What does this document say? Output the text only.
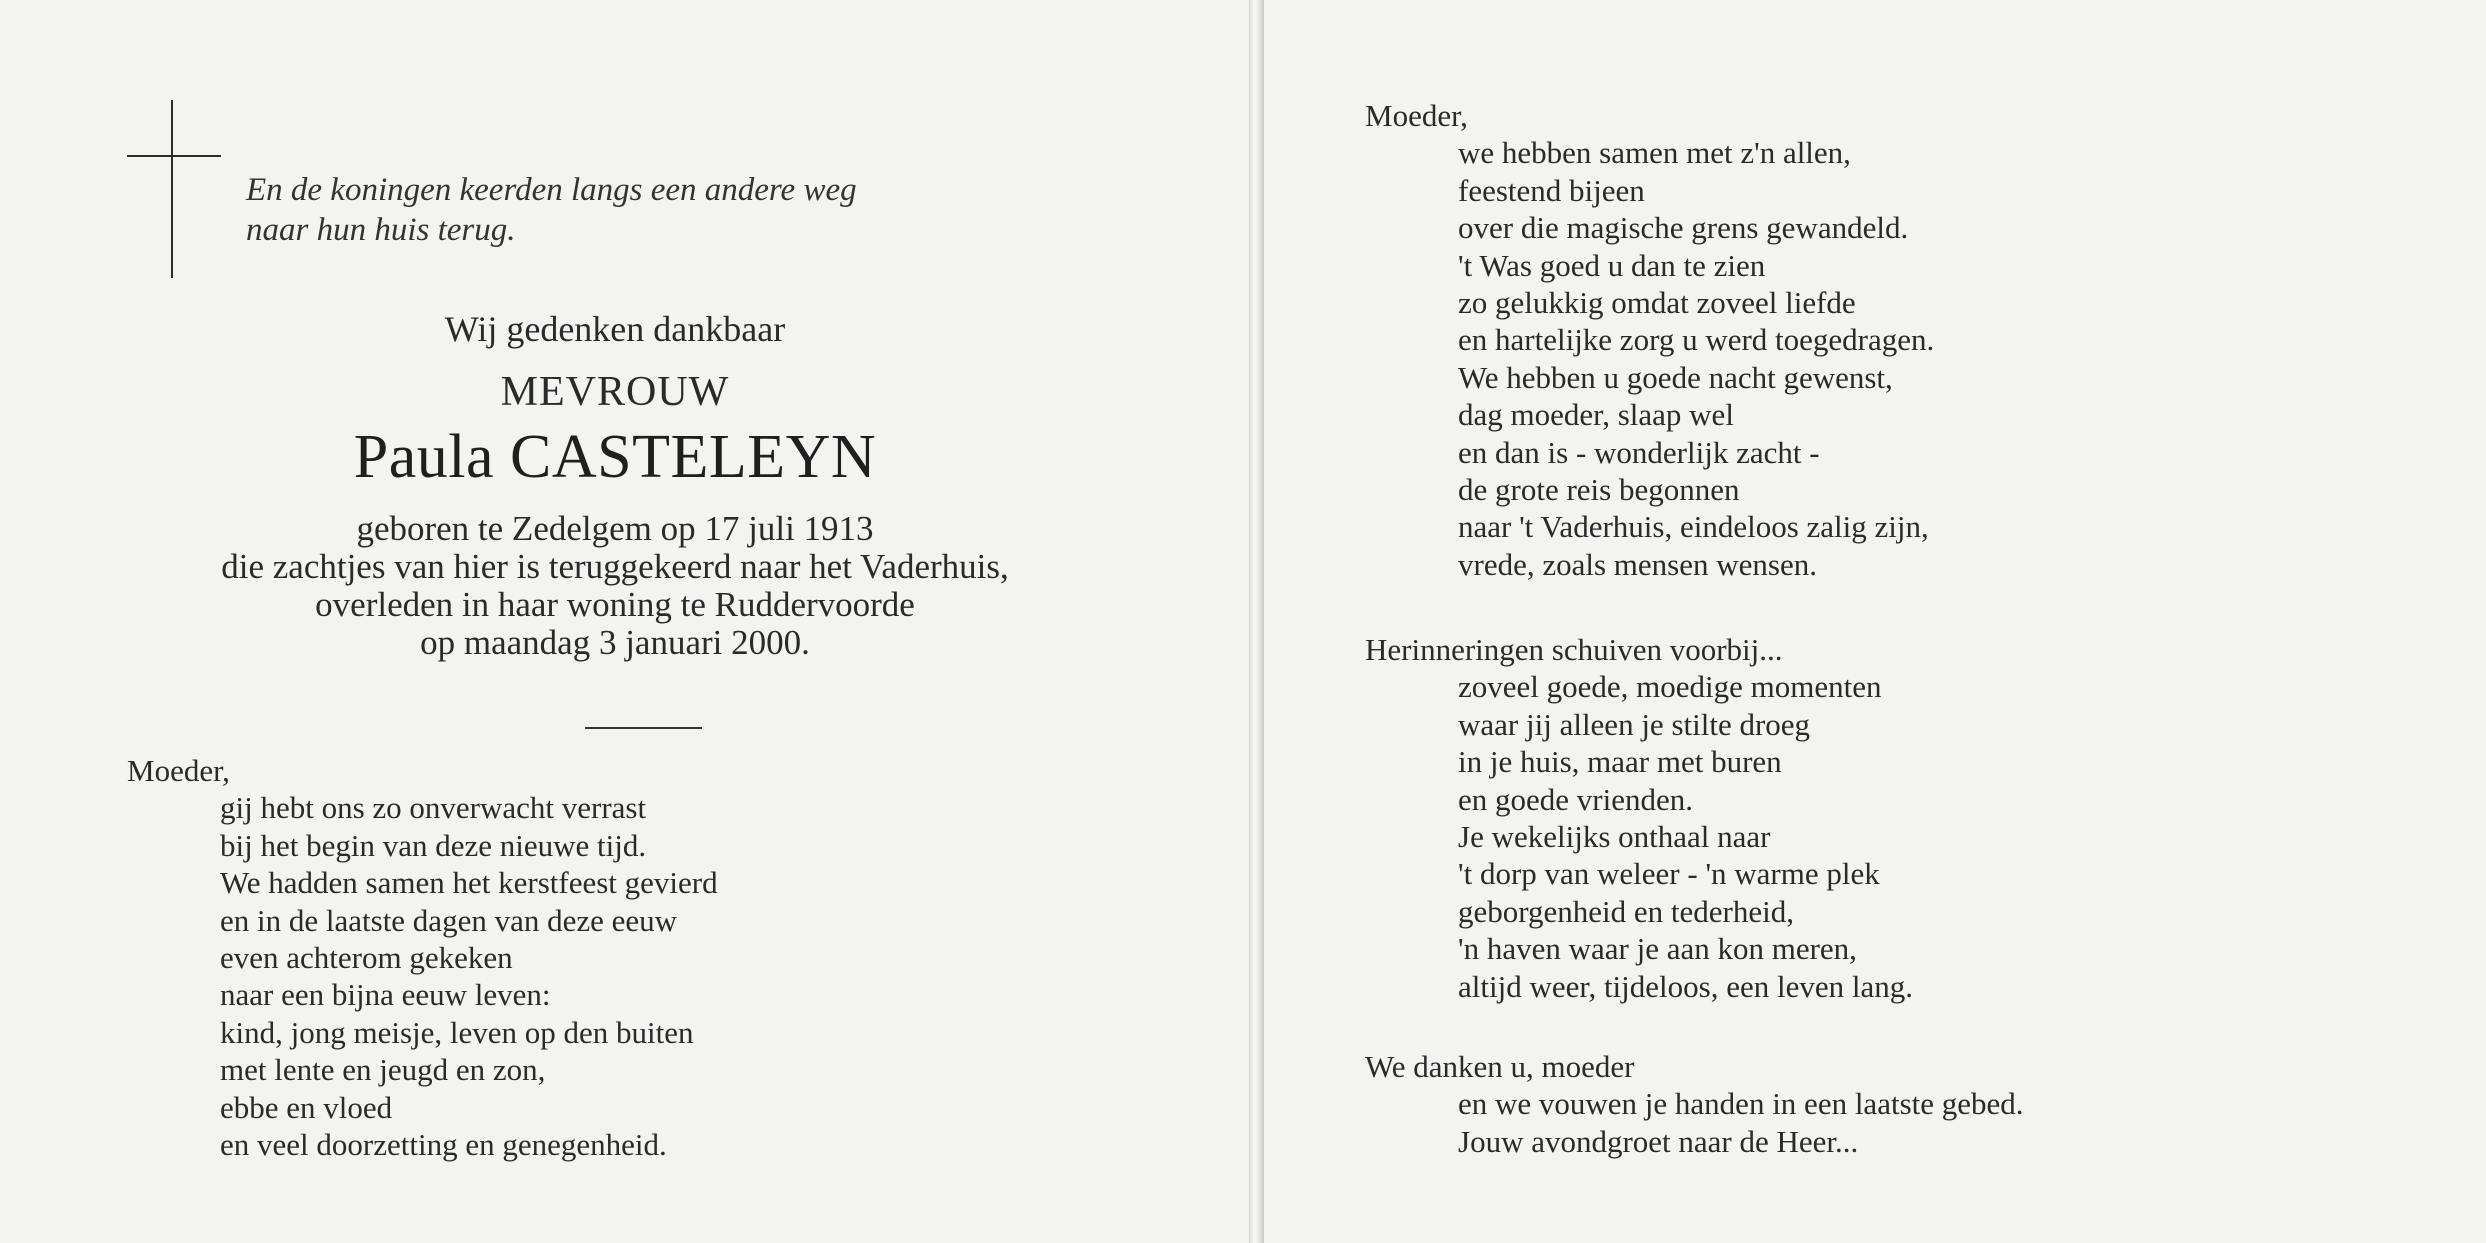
En de koningen keerden langs een andere weg
naar hun huis terug.
Wij gedenken dankbaar
MEVROUW
Paula CASTELEYN
geboren te Zedelgem op 17 juli 1913
die zachtjes van hier is teruggekeerd naar het Vaderhuis,
overleden in haar woning te Ruddervoorde
op maandag 3 januari 2000.
Moeder,
gij hebt ons zo onverwacht verrast
bij het begin van deze nieuwe tijd.
We hadden samen het kerstfeest gevierd
en in de laatste dagen van deze eeuw
even achterom gekeken
naar een bijna eeuw leven:
kind, jong meisje, leven op den buiten
met lente en jeugd en zon,
ebbe en vloed
en veel doorzetting en genegenheid.
Moeder,
we hebben samen met z'n allen,
feestend bijeen
over die magische grens gewandeld.
't Was goed u dan te zien
zo gelukkig omdat zoveel liefde
en hartelijke zorg u werd toegedragen.
We hebben u goede nacht gewenst,
dag moeder, slaap wel
en dan is - wonderlijk zacht -
de grote reis begonnen
naar 't Vaderhuis, eindeloos zalig zijn,
vrede, zoals mensen wensen.
Herinneringen schuiven voorbij...
zoveel goede, moedige momenten
waar jij alleen je stilte droeg
in je huis, maar met buren
en goede vrienden.
Je wekelijks onthaal naar
't dorp van weleer - 'n warme plek
geborgenheid en tederheid,
'n haven waar je aan kon meren,
altijd weer, tijdeloos, een leven lang.
We danken u, moeder
en we vouwen je handen in een laatste gebed.
Jouw avondgroet naar de Heer...
